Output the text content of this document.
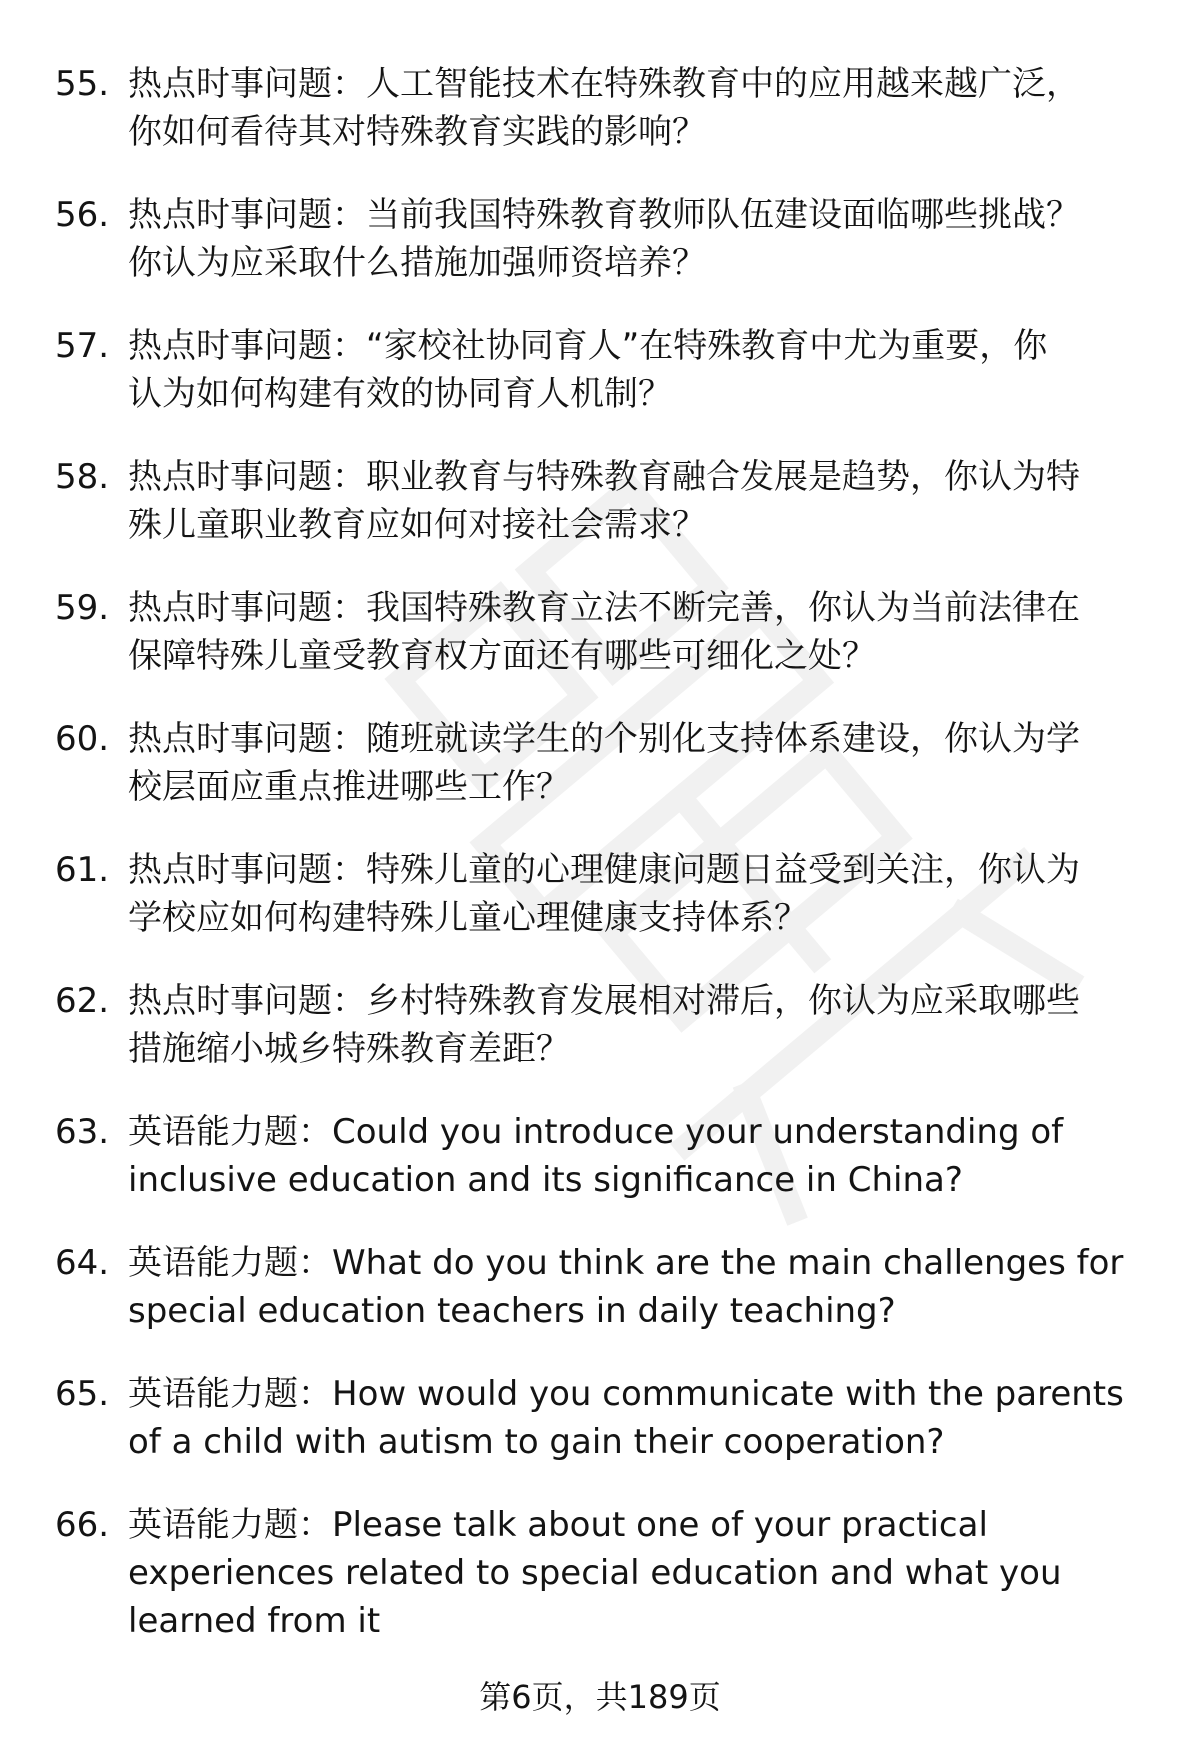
55. 热点时事问题：人工智能技术在特殊教育中的应用越来越广泛，
你如何看待其对特殊教育实践的影响？
56. 热点时事问题：当前我国特殊教育教师队伍建设面临哪些挑战？
你认为应采取什么措施加强师资培养？
57. 热点时事问题：“家校社协同育人”在特殊教育中尤为重要，你
认为如何构建有效的协同育人机制？
58. 热点时事问题：职业教育与特殊教育融合发展是趋势，你认为特
殊儿童职业教育应如何对接社会需求？
59. 热点时事问题：我国特殊教育立法不断完善，你认为当前法律在
保障特殊儿童受教育权方面还有哪些可细化之处？
60. 热点时事问题：随班就读学生的个别化支持体系建设，你认为学
校层面应重点推进哪些工作？
61. 热点时事问题：特殊儿童的心理健康问题日益受到关注，你认为
学校应如何构建特殊儿童心理健康支持体系？
62. 热点时事问题：乡村特殊教育发展相对滞后，你认为应采取哪些
措施缩小城乡特殊教育差距？
63. 英语能力题：Could you introduce your understanding of
inclusive education and its significance in China?
64. 英语能力题：What do you think are the main challenges for
special education teachers in daily teaching?
65. 英语能力题：How would you communicate with the parents
of a child with autism to gain their cooperation?
66. 英语能力题：Please talk about one of your practical
experiences related to special education and what you
learned from it
第6页，共189页
